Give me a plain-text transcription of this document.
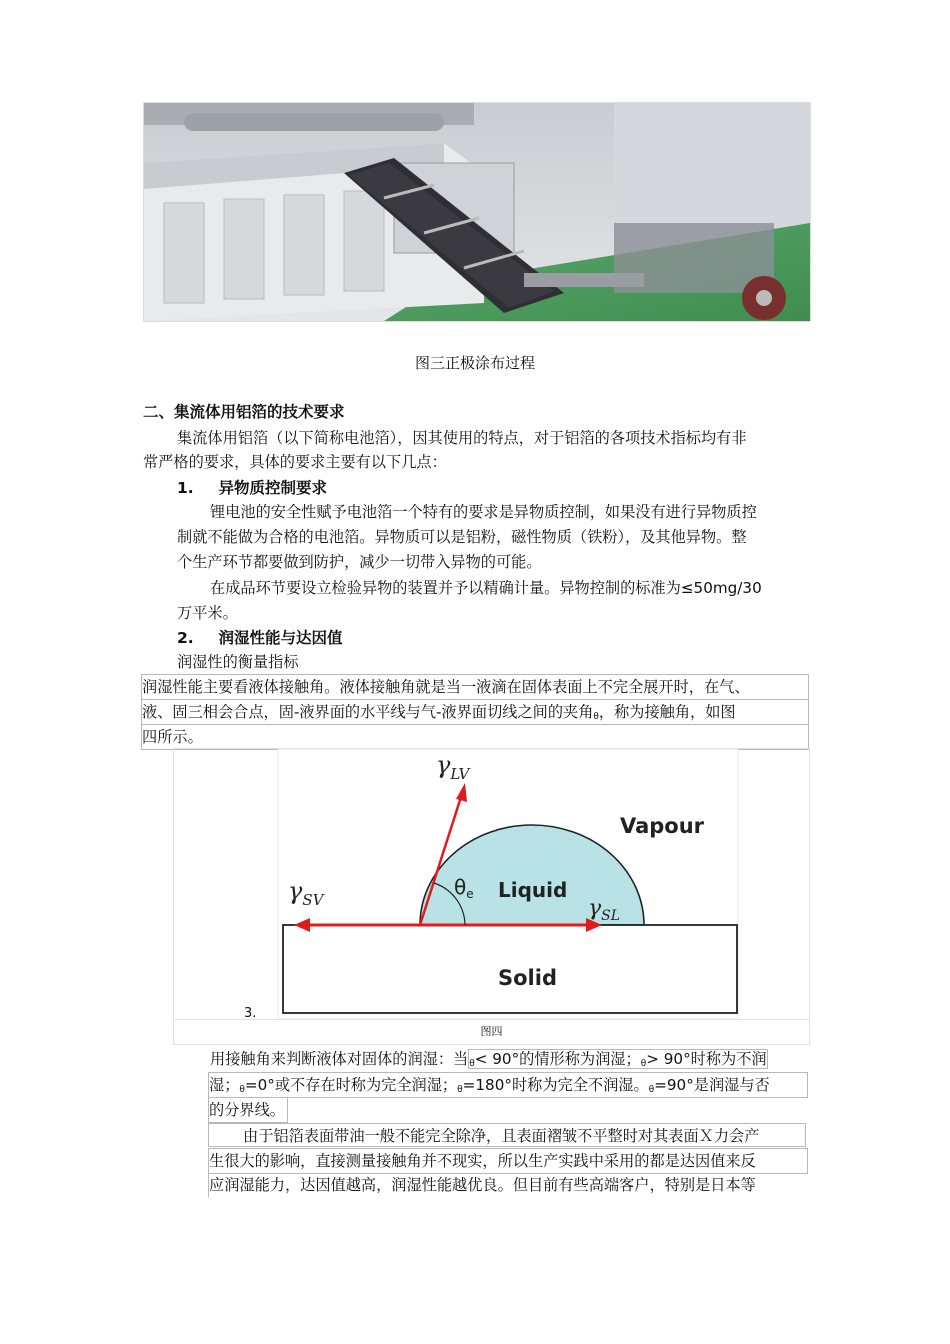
图三正极涂布过程
二、集流体用铝箔的技术要求
集流体用铝箔（以下简称电池箔），因其使用的特点，对于铝箔的各项技术指标均有非
常严格的要求，具体的要求主要有以下几点：
1. 异物质控制要求
锂电池的安全性赋予电池箔一个特有的要求是异物质控制，如果没有进行异物质控
制就不能做为合格的电池箔。异物质可以是铝粉，磁性物质（铁粉），及其他异物。整
个生产环节都要做到防护，减少一切带入异物的可能。
在成品环节要设立检验异物的装置并予以精确计量。异物控制的标准为≤50mg/30
万平米。
2. 润湿性能与达因值
润湿性的衡量指标
润湿性能主要看液体接触角。液体接触角就是当一液滴在固体表面上不完全展开时，在气、
液、固三相会合点，固-液界面的水平线与气-液界面切线之间的夹角$_\theta$，称为接触角，如图
四所示。
$\gamma_{LV}$
$\gamma_{SV}$	$\gamma_{SL}$
$\theta_e$
Vapour
Liquid
Solid
3.
图四
用接触角来判断液体对固体的润湿：当$_\theta$< 90°的情形称为润湿；$_\theta$> 90°时称为不润
湿；$_\theta$=0°或不存在时称为完全润湿；$_\theta$=180°时称为完全不润湿。$_\theta$=90°是润湿与否
的分界线。
由于铝箔表面带油一般不能完全除净，且表面褶皱不平整时对其表面Ｘ力会产
生很大的影响，直接测量接触角并不现实，所以生产实践中采用的都是达因值来反
应润湿能力，达因值越高，润湿性能越优良。但目前有些高端客户，特别是日本等
